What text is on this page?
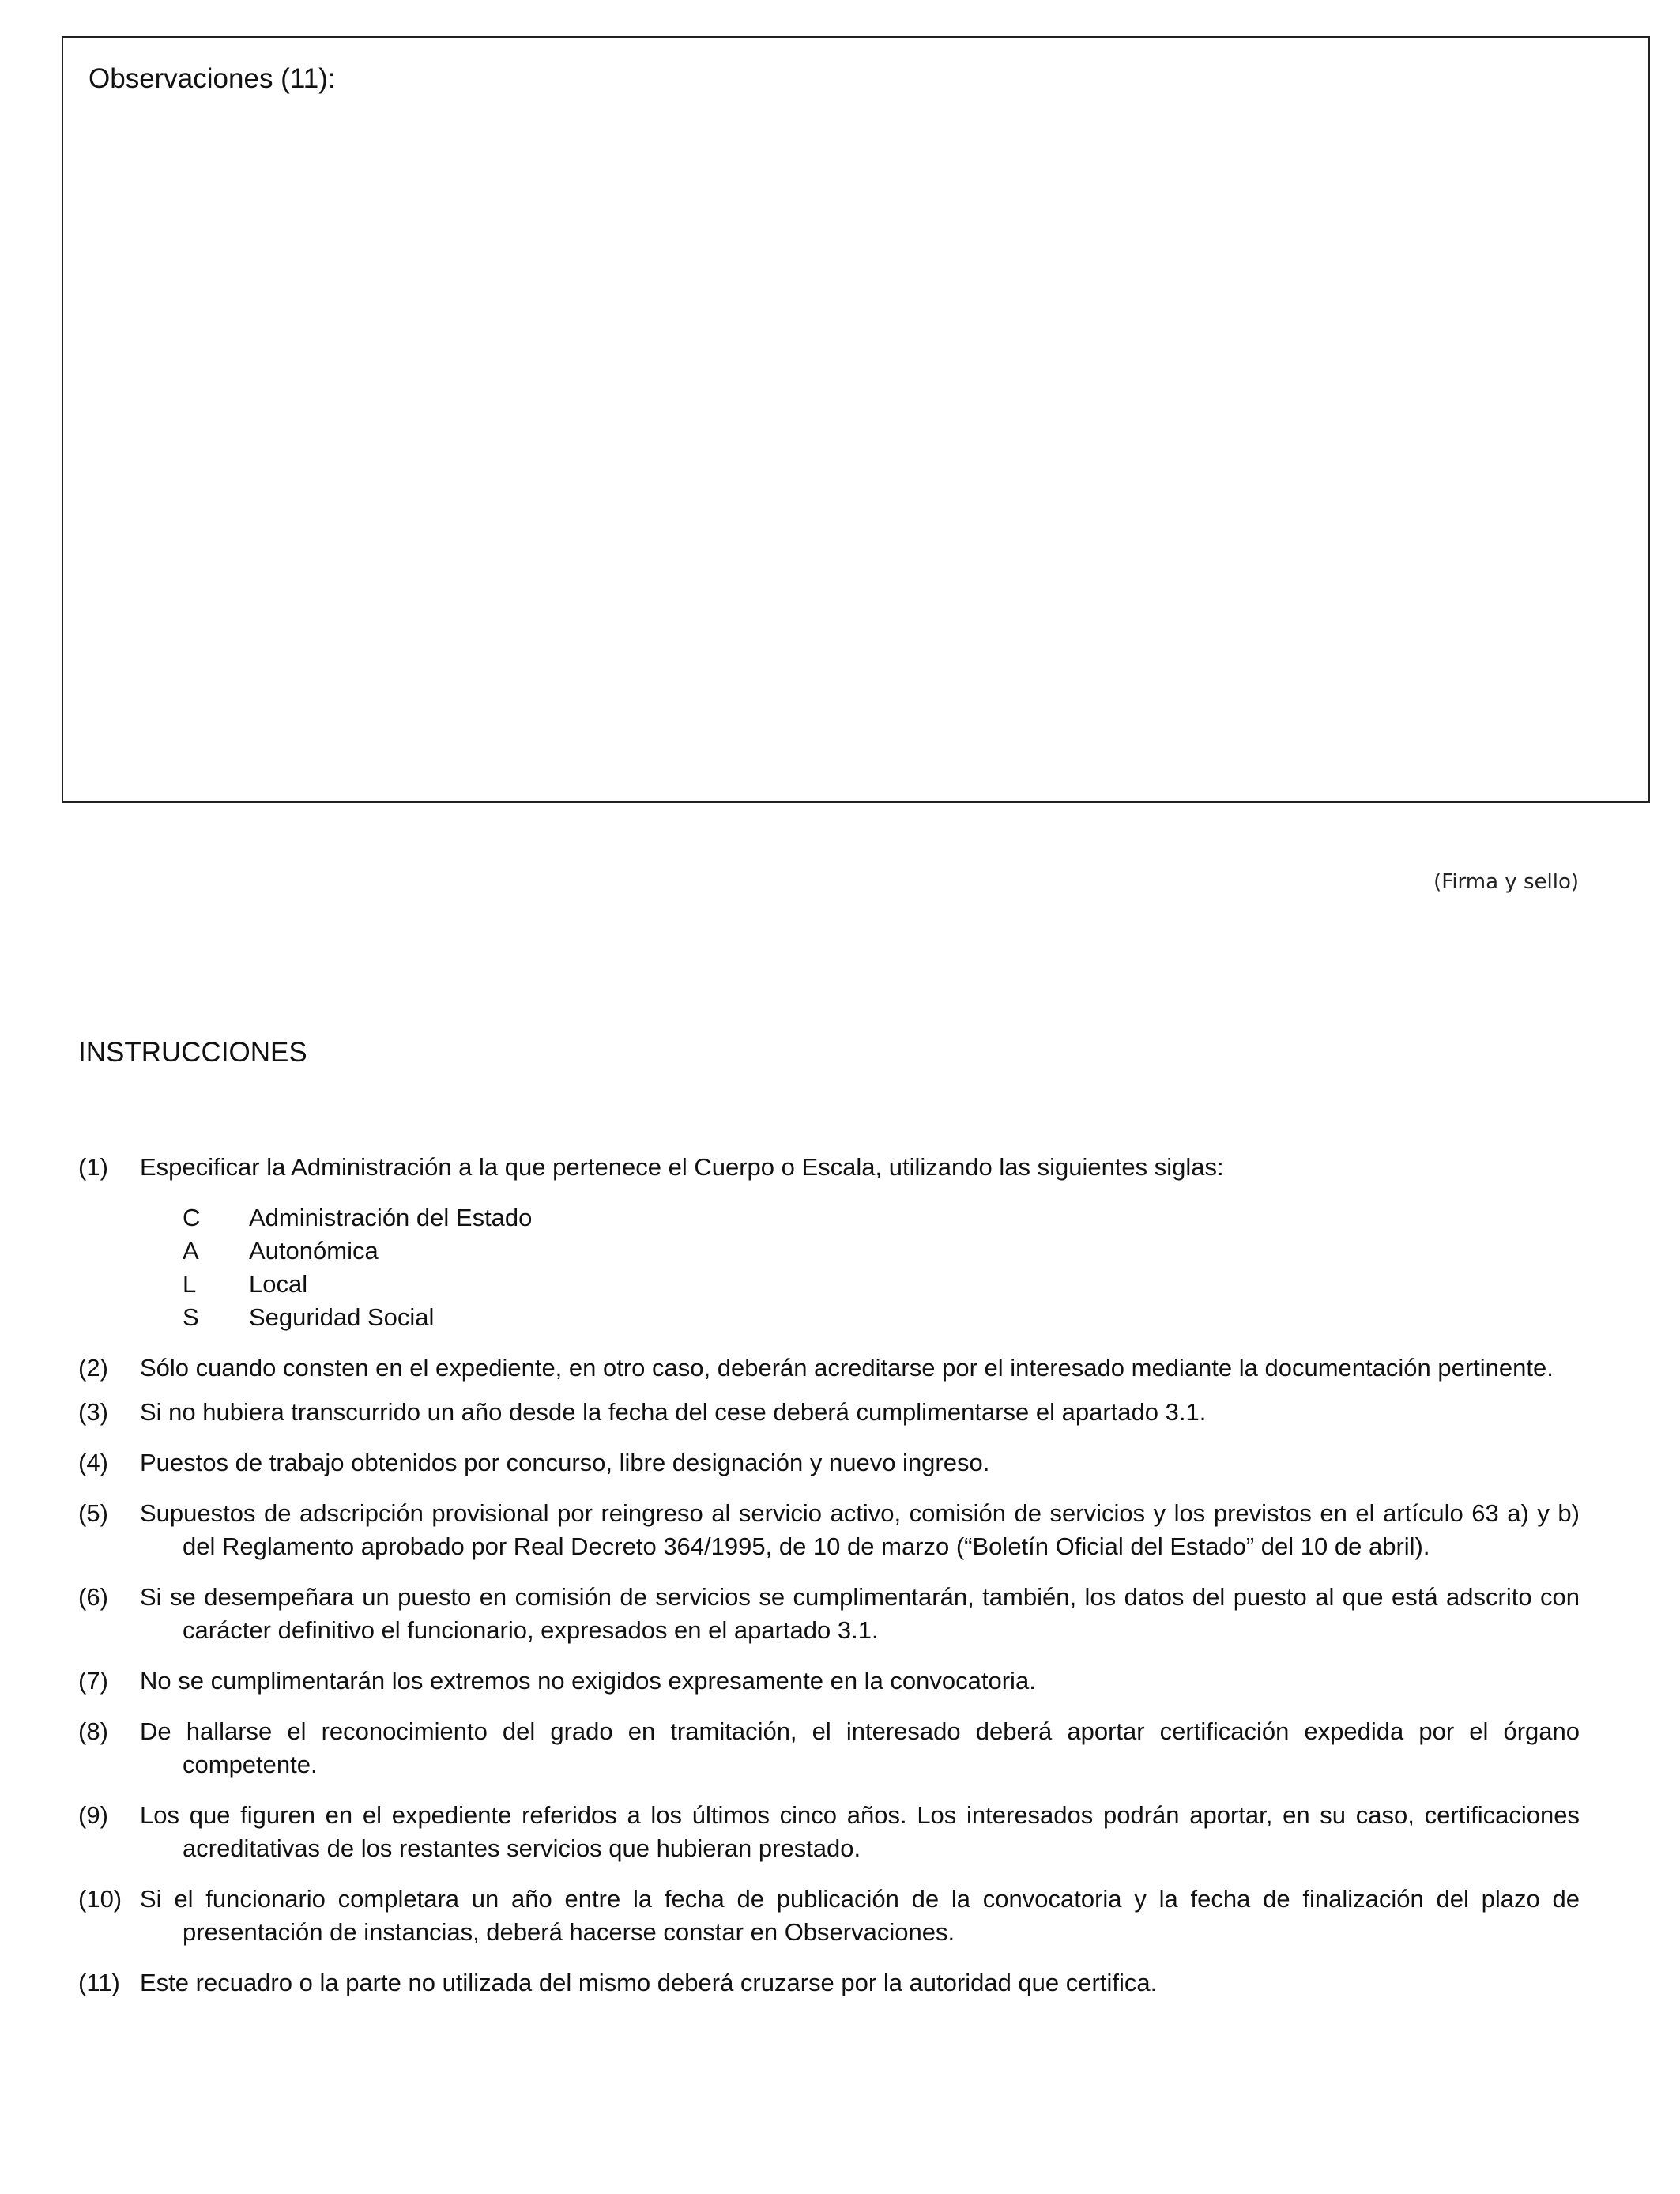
Observaciones (11):
(Firma y sello)
INSTRUCCIONES
(1) Especificar la Administración a la que pertenece el Cuerpo o Escala, utilizando las siguientes siglas:
C	Administración del Estado
A	Autonómica
L	Local
S	Seguridad Social
(2) Sólo cuando consten en el expediente, en otro caso, deberán acreditarse por el interesado mediante la documentación pertinente.
(3) Si no hubiera transcurrido un año desde la fecha del cese deberá cumplimentarse el apartado 3.1.
(4) Puestos de trabajo obtenidos por concurso, libre designación y nuevo ingreso.
(5) Supuestos de adscripción provisional por reingreso al servicio activo, comisión de servicios y los previstos en el artículo 63 a) y b) del Reglamento aprobado por Real Decreto 364/1995, de 10 de marzo (“Boletín Oficial del Estado” del 10 de abril).
(6) Si se desempeñara un puesto en comisión de servicios se cumplimentarán, también, los datos del puesto al que está adscrito con carácter definitivo el funcionario, expresados en el apartado 3.1.
(7) No se cumplimentarán los extremos no exigidos expresamente en la convocatoria.
(8) De hallarse el reconocimiento del grado en tramitación, el interesado deberá aportar certificación expedida por el órgano competente.
(9) Los que figuren en el expediente referidos a los últimos cinco años. Los interesados podrán aportar, en su caso, certificaciones acreditativas de los restantes servicios que hubieran prestado.
(10) Si el funcionario completara un año entre la fecha de publicación de la convocatoria y la fecha de finalización del plazo de presentación de instancias, deberá hacerse constar en Observaciones.
(11) Este recuadro o la parte no utilizada del mismo deberá cruzarse por la autoridad que certifica.
